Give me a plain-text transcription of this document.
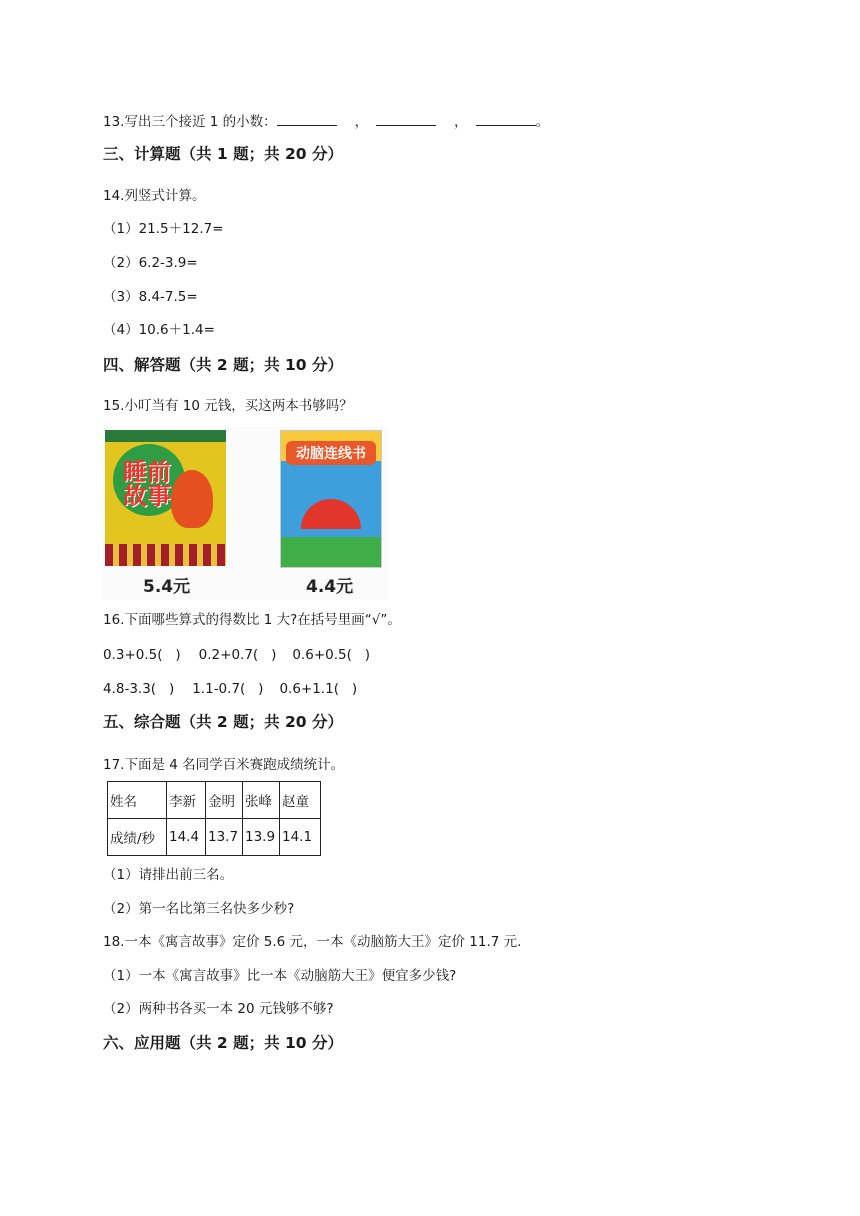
13.写出三个接近 1 的小数：	，	，	。
三、计算题（共 1 题；共 20 分）
14.列竖式计算。
（1）21.5＋12.7=
（2）6.2-3.9=
（3）8.4-7.5=
（4）10.6＋1.4=
四、解答题（共 2 题；共 10 分）
15.小叮当有 10 元钱，买这两本书够吗？
睡前
故事
动脑连线书
5.4元	4.4元
16.下面哪些算式的得数比 1 大?在括号里画“√”。
0.3+0.5(   ) 0.2+0.7(   ) 0.6+0.5(   )
4.8-3.3(   ) 1.1-0.7(   ) 0.6+1.1(   )
五、综合题（共 2 题；共 20 分）
17.下面是 4 名同学百米赛跑成绩统计。
姓名	李新	金明	张峰	赵童
成绩/秒	14.4	13.7	13.9	14.1
（1）请排出前三名。
（2）第一名比第三名快多少秒?
18.一本《寓言故事》定价 5.6 元，一本《动脑筋大王》定价 11.7 元.
（1）一本《寓言故事》比一本《动脑筋大王》便宜多少钱?
（2）两种书各买一本 20 元钱够不够?
六、应用题（共 2 题；共 10 分）
